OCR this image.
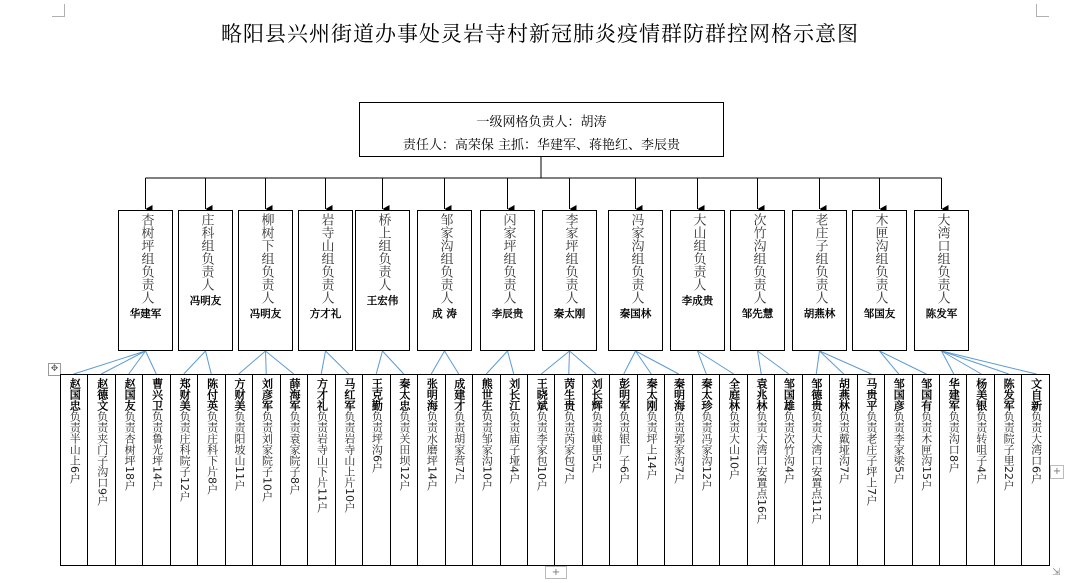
略阳县兴州街道办事处灵岩寺村新冠肺炎疫情群防群控网格示意图
一级网格负责人：胡涛
责任人：高荣保 主抓：华建军、蒋艳红、李辰贵
杏树坪组负责人
华建军
庄科组负责人
冯明友	柳树下组负责人
冯明友
岩寺山组负责人
方才礼
桥上组负责人
王宏伟	邹家沟组负责人
成 涛
闪家坪组负责人
李辰贵
李家坪组负责人
秦太刚
冯家沟组负责人
秦国林
大山组负责人
李成贵	次竹沟组负责人
邹先慧
老庄子组负责人
胡燕林
木匣沟组负责人
邹国友
大湾口组负责人
陈发军
✥
赵国忠负责半山上6户
赵德文负责夹门子沟口9户
赵国友负责杏树坪18户
曹兴卫负责鲁光坪14户
郑财美负责庄科院子12户
陈付英负责庄科下片8户
方财美负责阳坡山11户
刘彦军负责刘家院子10户
薛海军负责袁家院子8户
方才礼负责岩寺山下片11户
马红军负责岩寺山上片10户
王克勤负责坪沟6户
秦太忠负责关田坝12户
张明海负责水磨坪14户
成建才负责胡家营7户
熊世生负责邹家沟10户
刘长江负责庙子垭4户
王晓斌负责李家包10户
苪生贵负责芮家包7户
刘长辉负责峡里5户
彭明军负责银厂子6户
秦太刚负责坪上14户
秦明海负责郭家沟7户
秦太珍负责冯家沟12户
全庭林负责大山10户
袁兆林负责大湾口安置点16户
邹国雄负责次竹沟4户
邹德贵负责大湾口安置点11户
胡燕林负责戴垭沟7户
马贵平负责老庄子坪上7户
邹国彦负责李家梁5户
邹国有负责木匣沟15户
华建军负责沟口8户
杨美银负责转咀子4户
陈发军负责院子里22户
文自新负责大湾口6户 +
+	⇲
